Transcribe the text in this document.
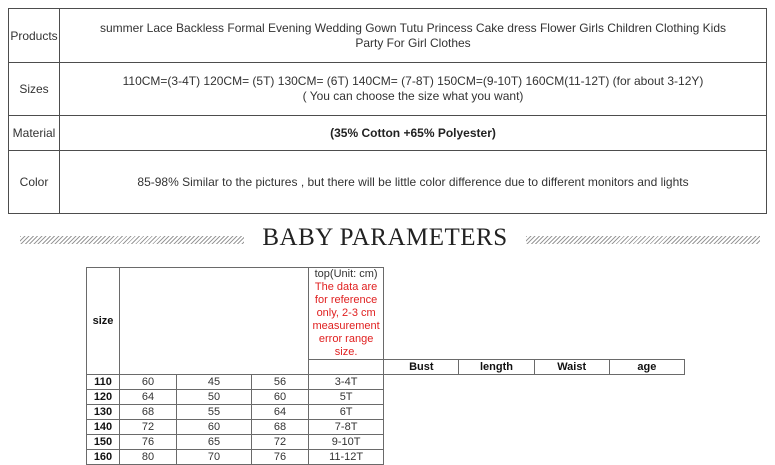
Products	summer Lace Backless Formal Evening Wedding Gown Tutu Princess Cake dress Flower Girls Children Clothing Kids
Party For Girl Clothes

Sizes	110CM=(3-4T) 120CM= (5T) 130CM= (6T) 140CM= (7-8T) 150CM=(9-10T) 160CM(11-12T) (for about 3-12Y)
( You can choose the size what you want)

Material	(35% Cotton +65% Polyester)
Color	85-98% Similar to the pictures , but there will be little color difference due to different monitors and lights
BABY PARAMETERS
size				top(Unit: cm)
The data are for reference only, 2-3 cm measurement error range size.				

					Bust	length	Waist	age
110	60	45	56	3-4T				
120	64	50	60	5T				
130	68	55	64	6T				
140	72	60	68	7-8T				
150	76	65	72	9-10T				
160	80	70	76	11-12T				
